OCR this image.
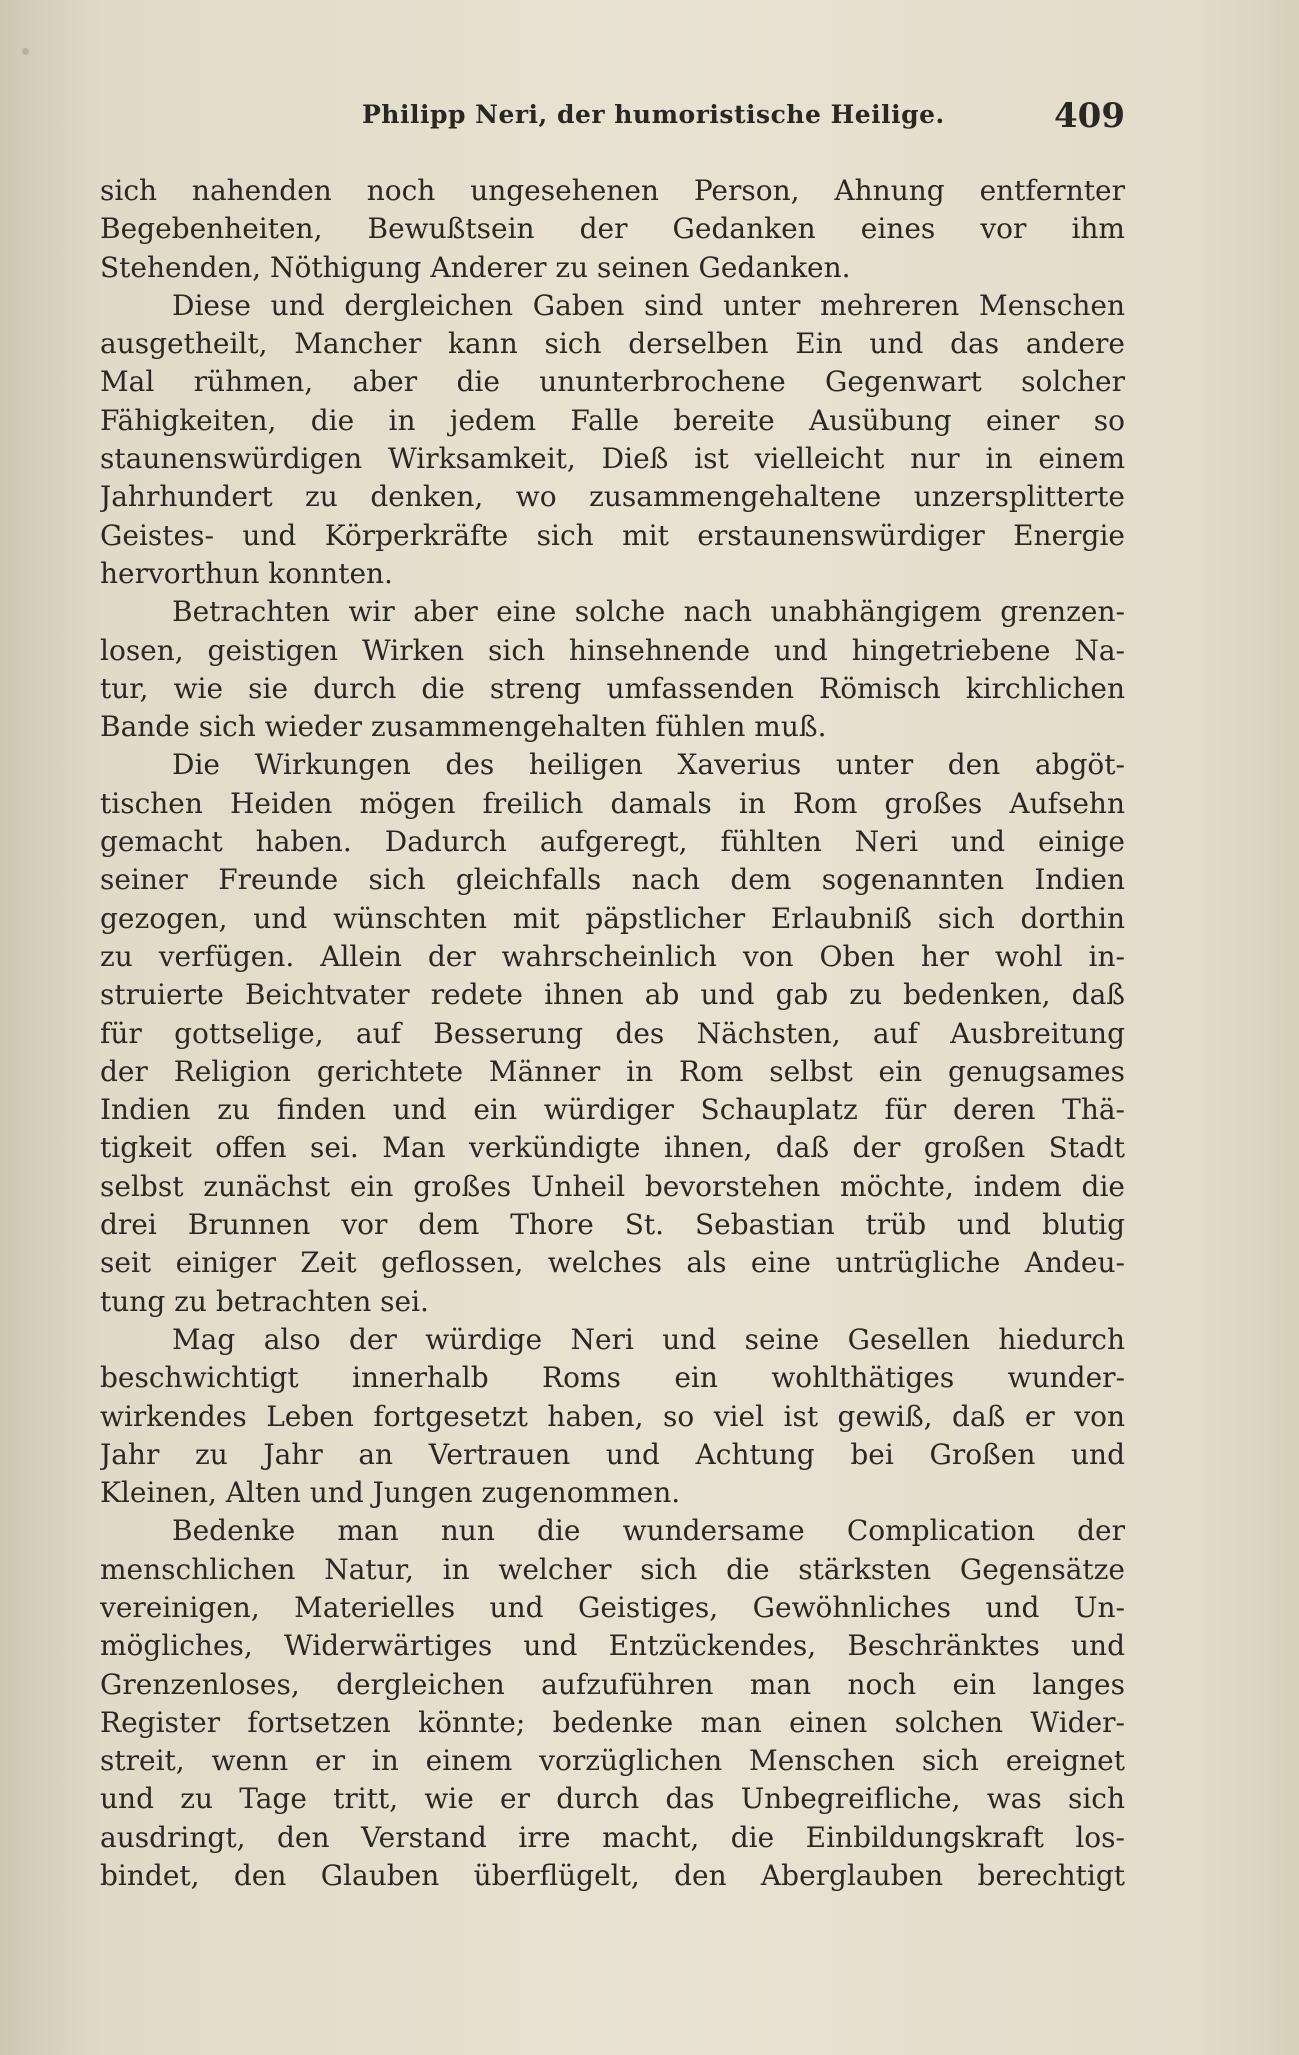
Philipp Neri, der humoristische Heilige.	409
sich nahenden noch ungesehenen Person, Ahnung entfernter
Begebenheiten, Bewußtsein der Gedanken eines vor ihm
Stehenden, Nöthigung Anderer zu seinen Gedanken.
Diese und dergleichen Gaben sind unter mehreren Menschen
ausgetheilt, Mancher kann sich derselben Ein und das andere
Mal rühmen, aber die ununterbrochene Gegenwart solcher
Fähigkeiten, die in jedem Falle bereite Ausübung einer so
staunenswürdigen Wirksamkeit, Dieß ist vielleicht nur in einem
Jahrhundert zu denken, wo zusammengehaltene unzersplitterte
Geistes- und Körperkräfte sich mit erstaunenswürdiger Energie
hervorthun konnten.
Betrachten wir aber eine solche nach unabhängigem grenzen-
losen, geistigen Wirken sich hinsehnende und hingetriebene Na-
tur, wie sie durch die streng umfassenden Römisch kirchlichen
Bande sich wieder zusammengehalten fühlen muß.
Die Wirkungen des heiligen Xaverius unter den abgöt-
tischen Heiden mögen freilich damals in Rom großes Aufsehn
gemacht haben. Dadurch aufgeregt, fühlten Neri und einige
seiner Freunde sich gleichfalls nach dem sogenannten Indien
gezogen, und wünschten mit päpstlicher Erlaubniß sich dorthin
zu verfügen. Allein der wahrscheinlich von Oben her wohl in-
struierte Beichtvater redete ihnen ab und gab zu bedenken, daß
für gottselige, auf Besserung des Nächsten, auf Ausbreitung
der Religion gerichtete Männer in Rom selbst ein genugsames
Indien zu finden und ein würdiger Schauplatz für deren Thä-
tigkeit offen sei. Man verkündigte ihnen, daß der großen Stadt
selbst zunächst ein großes Unheil bevorstehen möchte, indem die
drei Brunnen vor dem Thore St. Sebastian trüb und blutig
seit einiger Zeit geflossen, welches als eine untrügliche Andeu-
tung zu betrachten sei.
Mag also der würdige Neri und seine Gesellen hiedurch
beschwichtigt innerhalb Roms ein wohlthätiges wunder-
wirkendes Leben fortgesetzt haben, so viel ist gewiß, daß er von
Jahr zu Jahr an Vertrauen und Achtung bei Großen und
Kleinen, Alten und Jungen zugenommen.
Bedenke man nun die wundersame Complication der
menschlichen Natur, in welcher sich die stärksten Gegensätze
vereinigen, Materielles und Geistiges, Gewöhnliches und Un-
mögliches, Widerwärtiges und Entzückendes, Beschränktes und
Grenzenloses, dergleichen aufzuführen man noch ein langes
Register fortsetzen könnte; bedenke man einen solchen Wider-
streit, wenn er in einem vorzüglichen Menschen sich ereignet
und zu Tage tritt, wie er durch das Unbegreifliche, was sich
ausdringt, den Verstand irre macht, die Einbildungskraft los-
bindet, den Glauben überflügelt, den Aberglauben berechtigt
